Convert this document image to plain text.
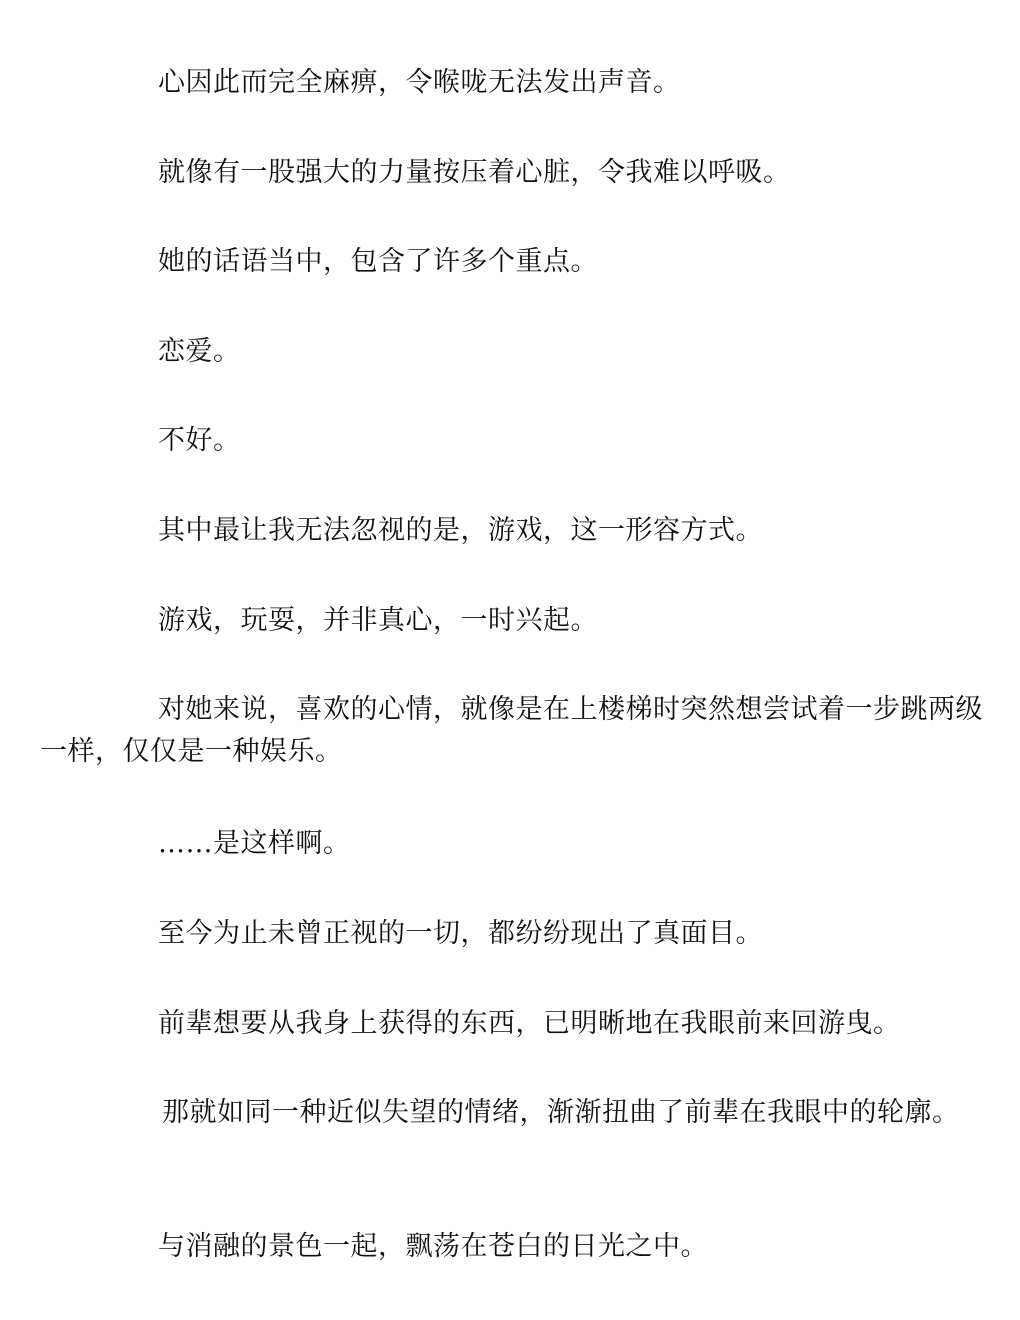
心因此而完全麻痹，令喉咙无法发出声音。

就像有一股强大的力量按压着心脏，令我难以呼吸。

她的话语当中，包含了许多个重点。

恋爱。

不好。

其中最让我无法忽视的是，游戏，这一形容方式。

游戏，玩耍，并非真心，一时兴起。

对她来说，喜欢的心情，就像是在上楼梯时突然想尝试着一步跳两级一样，仅仅是一种娱乐。

……是这样啊。

至今为止未曾正视的一切，都纷纷现出了真面目。

前辈想要从我身上获得的东西，已明晰地在我眼前来回游曳。

那就如同一种近似失望的情绪，渐渐扭曲了前辈在我眼中的轮廓。

与消融的景色一起，飘荡在苍白的日光之中。
